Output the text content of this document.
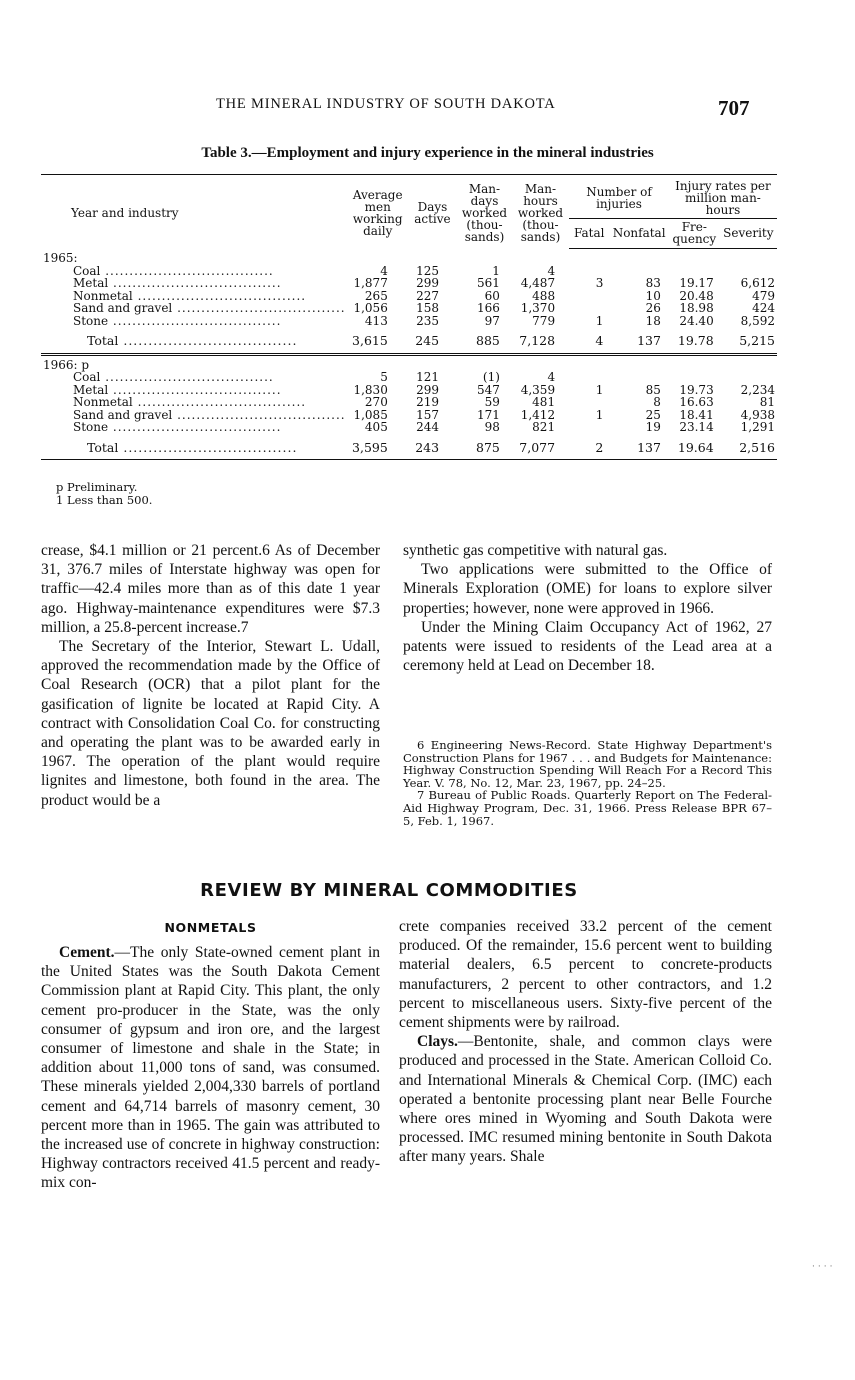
THE MINERAL INDUSTRY OF SOUTH DAKOTA	707
Table 3.—Employment and injury experience in the mineral industries
Year and industry	Average men working daily	Days active	Man-days worked (thou-sands)	Man-hours worked (thou-sands)	Number of injuries		Injury rates per million man-hours	
					Fatal	Nonfatal	Fre-quency	Severity
1965:								
Coal .....	4	125	1	4				
Metal .....	1,877	299	561	4,487	3	83	19.17	6,612
Nonmetal .....	265	227	60	488		10	20.48	479
Sand and gravel .....	1,056	158	166	1,370		26	18.98	424
Stone .....	413	235	97	779	1	18	24.40	8,592
Total .....	3,615	245	885	7,128	4	137	19.78	5,215

1966: p								
Coal .....	5	121	(1)	4				
Metal .....	1,830	299	547	4,359	1	85	19.73	2,234
Nonmetal .....	270	219	59	481		8	16.63	81
Sand and gravel .....	1,085	157	171	1,412	1	25	18.41	4,938
Stone .....	405	244	98	821		19	23.14	1,291
Total .....	3,595	243	875	7,077	2	137	19.64	2,516
p Preliminary.
1 Less than 500.

crease, $4.1 million or 21 percent.6 As of December 31, 376.7 miles of Interstate highway was open for traffic—42.4 miles more than as of this date 1 year ago. Highway-maintenance expenditures were $7.3 million, a 25.8-percent increase.7

The Secretary of the Interior, Stewart L. Udall, approved the recommendation made by the Office of Coal Research (OCR) that a pilot plant for the gasification of lignite be located at Rapid City. A contract with Consolidation Coal Co. for constructing and operating the plant was to be awarded early in 1967. The operation of the plant would require lignites and limestone, both found in the area. The product would be a

synthetic gas competitive with natural gas.

Two applications were submitted to the Office of Minerals Exploration (OME) for loans to explore silver properties; however, none were approved in 1966.

Under the Mining Claim Occupancy Act of 1962, 27 patents were issued to residents of the Lead area at a ceremony held at Lead on December 18.

6 Engineering News-Record. State Highway Department's Construction Plans for 1967 . . . and Budgets for Maintenance: Highway Construction Spending Will Reach For a Record This Year. V. 78, No. 12, Mar. 23, 1967, pp. 24–25.

7 Bureau of Public Roads. Quarterly Report on The Federal-Aid Highway Program, Dec. 31, 1966. Press Release BPR 67–5, Feb. 1, 1967.

REVIEW BY MINERAL COMMODITIES
NONMETALS

Cement.—The only State-owned cement plant in the United States was the South Dakota Cement Commission plant at Rapid City. This plant, the only cement pro-producer in the State, was the only consumer of gypsum and iron ore, and the largest consumer of limestone and shale in the State; in addition about 11,000 tons of sand, was consumed. These minerals yielded 2,004,330 barrels of portland cement and 64,714 barrels of masonry cement, 30 percent more than in 1965. The gain was attributed to the increased use of concrete in highway construction: Highway contractors received 41.5 percent and ready-mix con-

crete companies received 33.2 percent of the cement produced. Of the remainder, 15.6 percent went to building material dealers, 6.5 percent to concrete-products manufacturers, 2 percent to other contractors, and 1.2 percent to miscellaneous users. Sixty-five percent of the cement shipments were by railroad.

Clays.—Bentonite, shale, and common clays were produced and processed in the State. American Colloid Co. and International Minerals & Chemical Corp. (IMC) each operated a bentonite processing plant near Belle Fourche where ores mined in Wyoming and South Dakota were processed. IMC resumed mining bentonite in South Dakota after many years. Shale

····
